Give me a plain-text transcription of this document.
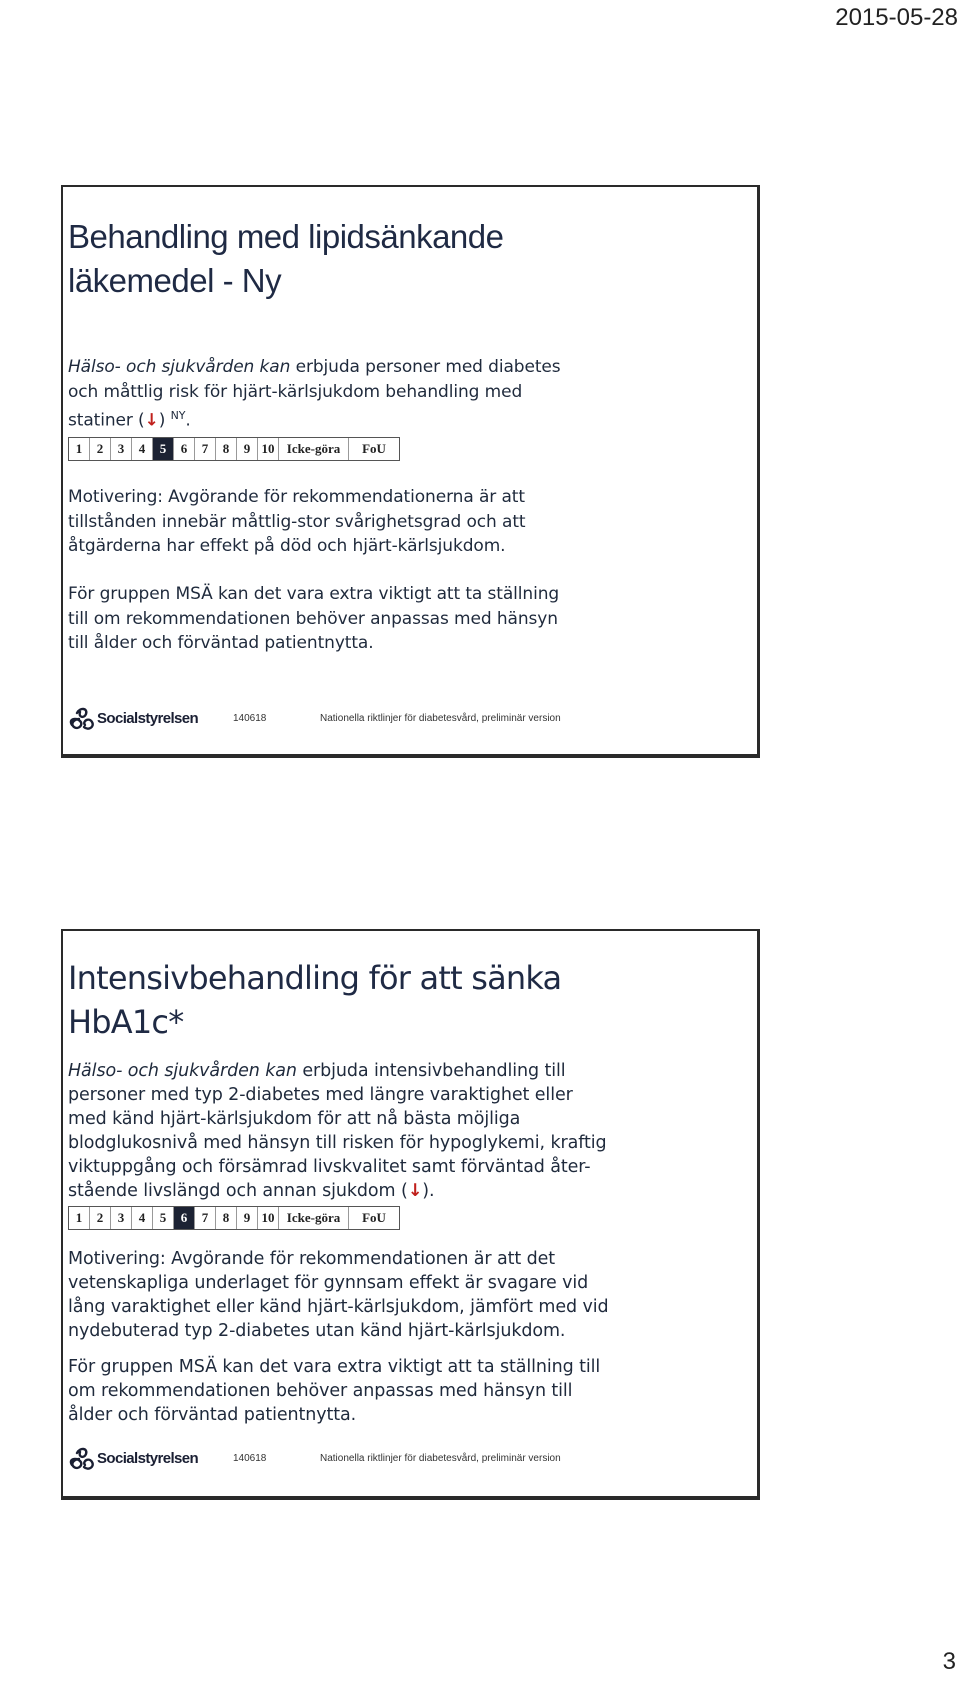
2015-05-28
Behandling med lipidsänkande
läkemedel - Ny

Hälso- och sjukvården kan erbjuda personer med diabetes
och måttlig risk för hjärt-kärlsjukdom behandling med
statiner (↓) $^{NY}$.

1	2	3	4	5	6	7	8	9 10 Icke-göra	FoU

Motivering: Avgörande för rekommendationerna är att
tillstånden innebär måttlig-stor svårighetsgrad och att
åtgärderna har effekt på död och hjärt-kärlsjukdom.

För gruppen MSÄ kan det vara extra viktigt att ta ställning
till om rekommendationen behöver anpassas med hänsyn
till ålder och förväntad patientnytta.

Socialstyrelsen	140618	Nationella riktlinjer för diabetesvård, preliminär version
Intensivbehandling för att sänka
HbA1c*

Hälso- och sjukvården kan erbjuda intensivbehandling till
personer med typ 2-diabetes med längre varaktighet eller
med känd hjärt-kärlsjukdom för att nå bästa möjliga
blodglukosnivå med hänsyn till risken för hypoglykemi, kraftig
viktuppgång och försämrad livskvalitet samt förväntad åter-
stående livslängd och annan sjukdom (↓).

1	2	3	4	5	6	7	8	9 10 Icke-göra	FoU

Motivering: Avgörande för rekommendationen är att det
vetenskapliga underlaget för gynnsam effekt är svagare vid
lång varaktighet eller känd hjärt-kärlsjukdom, jämfört med vid
nydebuterad typ 2-diabetes utan känd hjärt-kärlsjukdom.

För gruppen MSÄ kan det vara extra viktigt att ta ställning till
om rekommendationen behöver anpassas med hänsyn till
ålder och förväntad patientnytta.

Socialstyrelsen	140618	Nationella riktlinjer för diabetesvård, preliminär version
3
